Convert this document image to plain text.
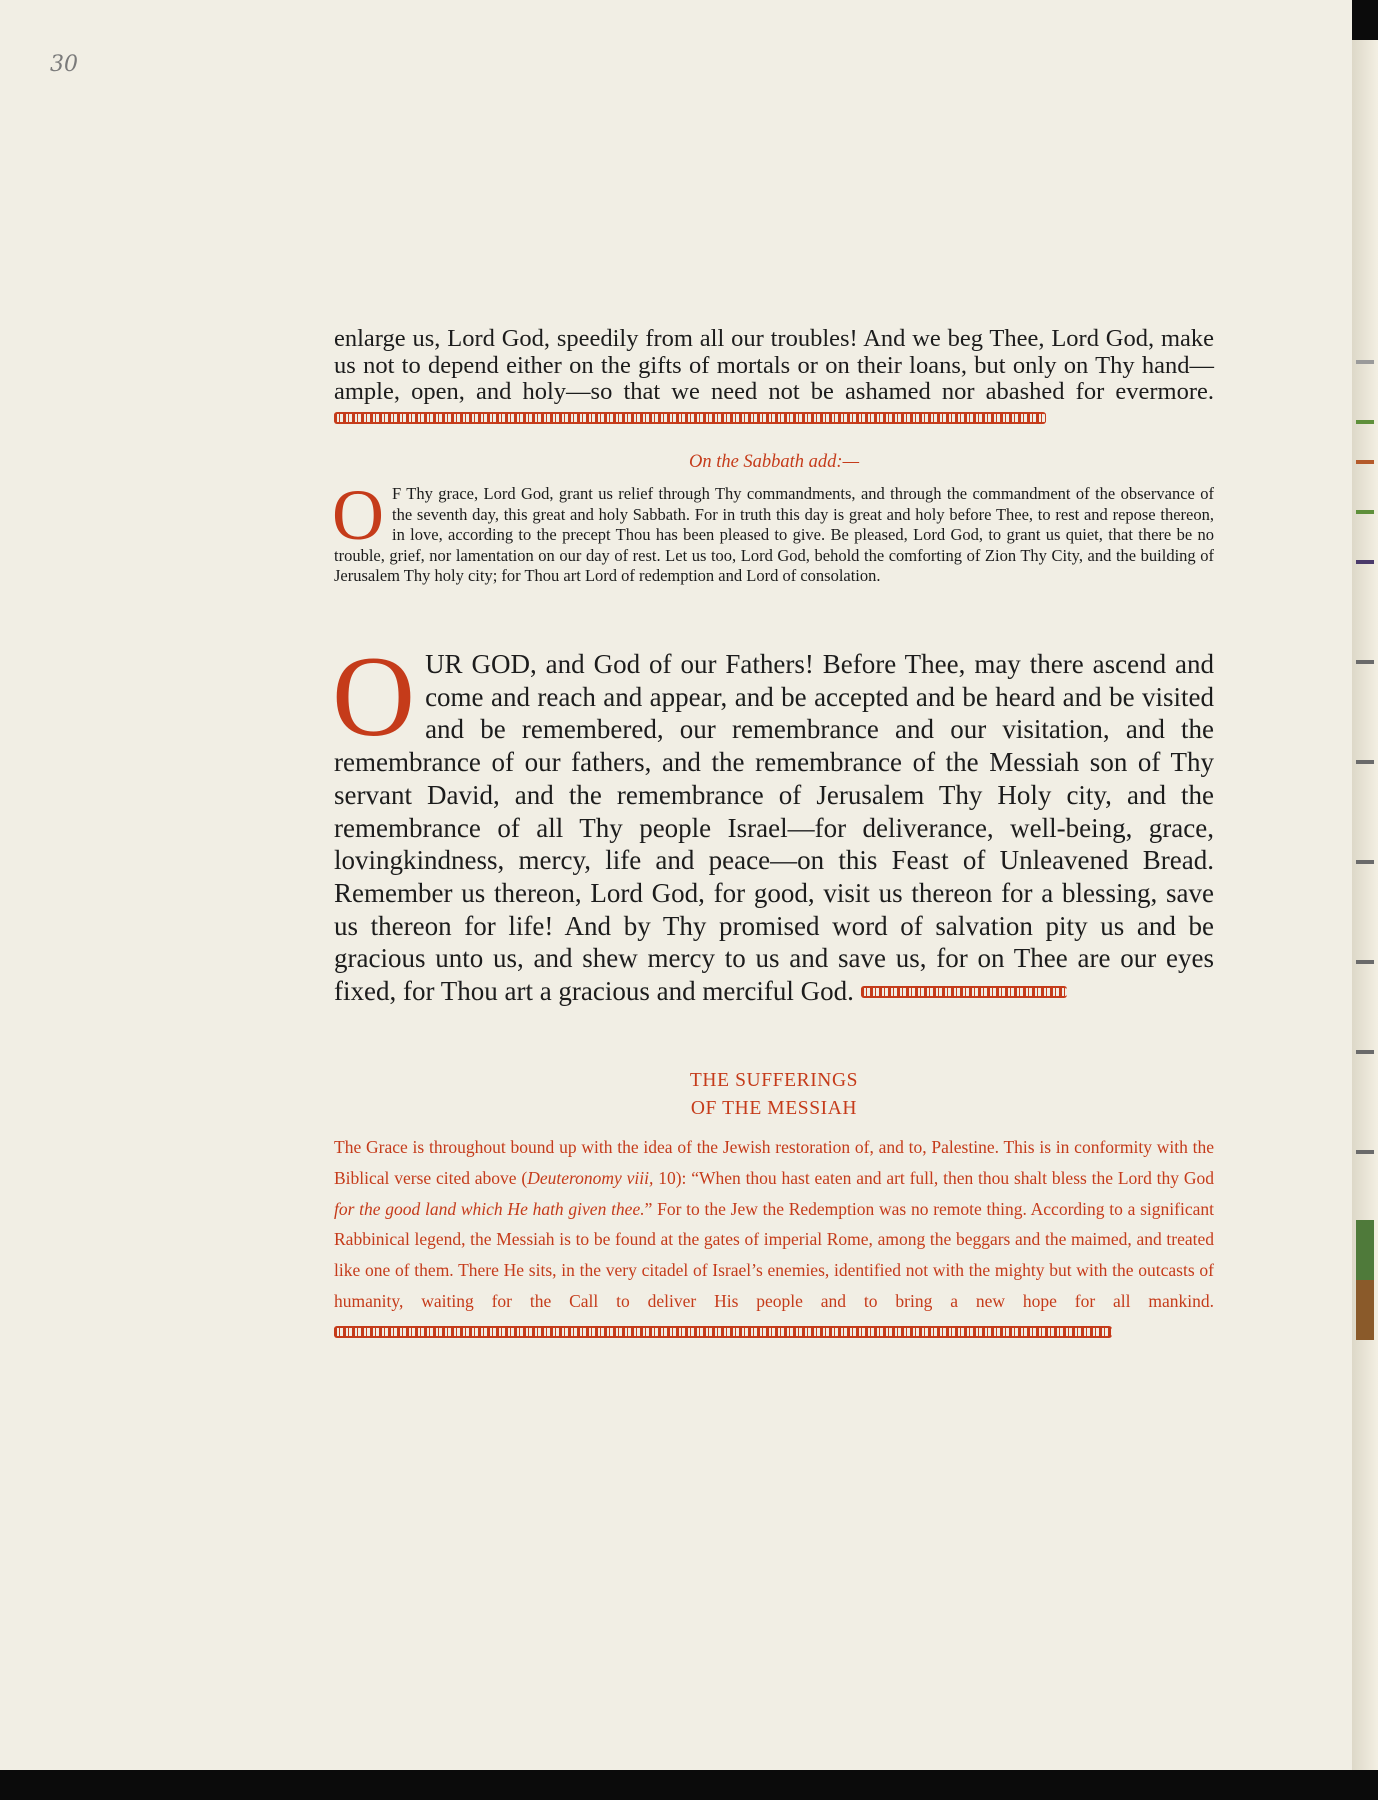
30
enlarge us, Lord God, speedily from all our troubles! And we beg Thee, Lord God, make us not to depend either on the gifts of mortals or on their loans, but only on Thy hand—ample, open, and holy—so that we need not be ashamed nor abashed for evermore.
On the Sabbath add:—
O F Thy grace, Lord God, grant us relief through Thy commandments, and through the commandment of the observance of the seventh day, this great and holy Sabbath. For in truth this day is great and holy before Thee, to rest and repose thereon, in love, according to the precept Thou has been pleased to give. Be pleased, Lord God, to grant us quiet, that there be no trouble, grief, nor lamentation on our day of rest. Let us too, Lord God, behold the comforting of Zion Thy City, and the building of Jerusalem Thy holy city; for Thou art Lord of redemption and Lord of consolation.
O UR GOD, and God of our Fathers! Before Thee, may there ascend and come and reach and appear, and be accepted and be heard and be visited and be remembered, our remembrance and our visitation, and the remembrance of our fathers, and the remembrance of the Messiah son of Thy servant David, and the remembrance of Jerusalem Thy Holy city, and the remembrance of all Thy people Israel—for deliverance, well-being, grace, lovingkindness, mercy, life and peace—on this Feast of Unleavened Bread. Remember us thereon, Lord God, for good, visit us thereon for a blessing, save us thereon for life! And by Thy promised word of salvation pity us and be gracious unto us, and shew mercy to us and save us, for on Thee are our eyes fixed, for Thou art a gracious and merciful God.
THE SUFFERINGS
OF THE MESSIAH
The Grace is throughout bound up with the idea of the Jewish restoration of, and to, Palestine. This is in conformity with the Biblical verse cited above (Deuteronomy viii, 10): “When thou hast eaten and art full, then thou shalt bless the Lord thy God for the good land which He hath given thee.” For to the Jew the Redemption was no remote thing. According to a significant Rabbinical legend, the Messiah is to be found at the gates of imperial Rome, among the beggars and the maimed, and treated like one of them. There He sits, in the very citadel of Israel’s enemies, identified not with the mighty but with the outcasts of humanity, waiting for the Call to deliver His people and to bring a new hope for all mankind.
